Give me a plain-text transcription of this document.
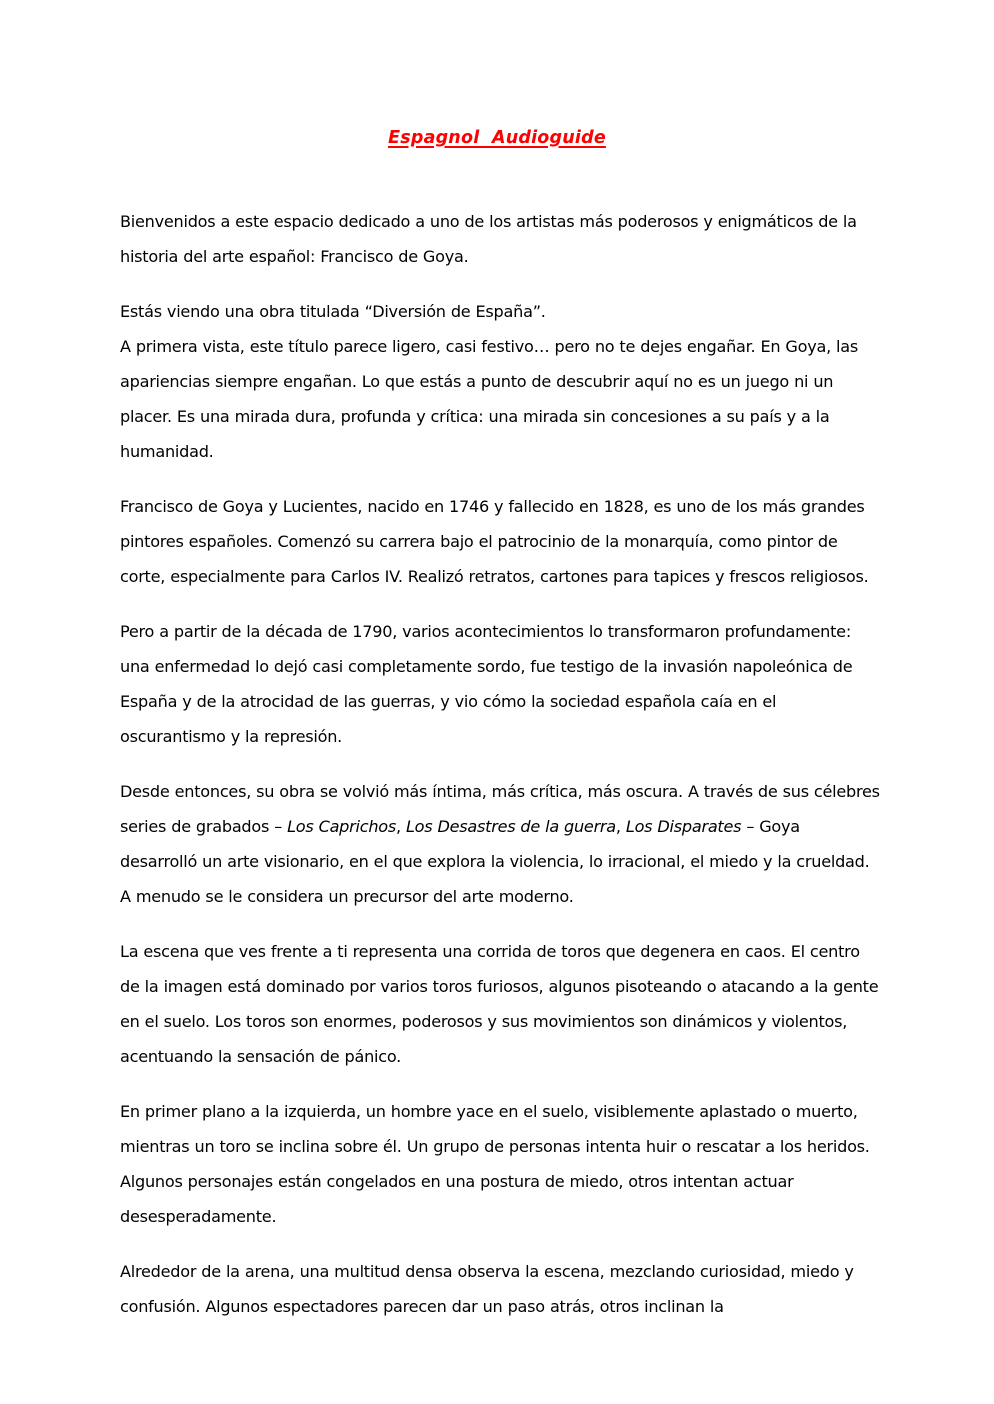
Espagnol  Audioguide

Bienvenidos a este espacio dedicado a uno de los artistas más poderosos y enigmáticos de la historia del arte español: Francisco de Goya.

Estás viendo una obra titulada “Diversión de España”.
A primera vista, este título parece ligero, casi festivo… pero no te dejes engañar. En Goya, las apariencias siempre engañan. Lo que estás a punto de descubrir aquí no es un juego ni un placer. Es una mirada dura, profunda y crítica: una mirada sin concesiones a su país y a la humanidad.

Francisco de Goya y Lucientes, nacido en 1746 y fallecido en 1828, es uno de los más grandes pintores españoles. Comenzó su carrera bajo el patrocinio de la monarquía, como pintor de corte, especialmente para Carlos IV. Realizó retratos, cartones para tapices y frescos religiosos.

Pero a partir de la década de 1790, varios acontecimientos lo transformaron profundamente: una enfermedad lo dejó casi completamente sordo, fue testigo de la invasión napoleónica de España y de la atrocidad de las guerras, y vio cómo la sociedad española caía en el oscurantismo y la represión.

Desde entonces, su obra se volvió más íntima, más crítica, más oscura. A través de sus célebres series de grabados – Los Caprichos, Los Desastres de la guerra, Los Disparates – Goya desarrolló un arte visionario, en el que explora la violencia, lo irracional, el miedo y la crueldad. A menudo se le considera un precursor del arte moderno.

La escena que ves frente a ti representa una corrida de toros que degenera en caos. El centro de la imagen está dominado por varios toros furiosos, algunos pisoteando o atacando a la gente en el suelo. Los toros son enormes, poderosos y sus movimientos son dinámicos y violentos, acentuando la sensación de pánico.

En primer plano a la izquierda, un hombre yace en el suelo, visiblemente aplastado o muerto, mientras un toro se inclina sobre él. Un grupo de personas intenta huir o rescatar a los heridos. Algunos personajes están congelados en una postura de miedo, otros intentan actuar desesperadamente.

Alrededor de la arena, una multitud densa observa la escena, mezclando curiosidad, miedo y confusión. Algunos espectadores parecen dar un paso atrás, otros inclinan la
